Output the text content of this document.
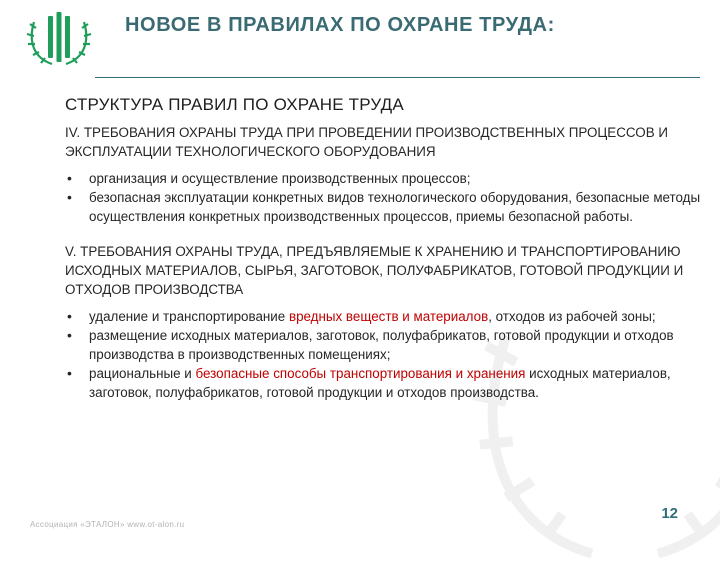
НОВОЕ В ПРАВИЛАХ ПО ОХРАНЕ ТРУДА:
СТРУКТУРА ПРАВИЛ ПО ОХРАНЕ ТРУДА
IV. ТРЕБОВАНИЯ ОХРАНЫ ТРУДА ПРИ ПРОВЕДЕНИИ ПРОИЗВОДСТВЕННЫХ ПРОЦЕССОВ И ЭКСПЛУАТАЦИИ ТЕХНОЛОГИЧЕСКОГО ОБОРУДОВАНИЯ
• организация и осуществление производственных процессов;
• безопасная эксплуатации конкретных видов технологического оборудования, безопасные методы осуществления конкретных производственных процессов, приемы безопасной работы.
V. ТРЕБОВАНИЯ ОХРАНЫ ТРУДА, ПРЕДЪЯВЛЯЕМЫЕ К ХРАНЕНИЮ И ТРАНСПОРТИРОВАНИЮ ИСХОДНЫХ МАТЕРИАЛОВ, СЫРЬЯ, ЗАГОТОВОК, ПОЛУФАБРИКАТОВ, ГОТОВОЙ ПРОДУКЦИИ И ОТХОДОВ ПРОИЗВОДСТВА
• удаление и транспортирование вредных веществ и материалов, отходов из рабочей зоны;
• размещение исходных материалов, заготовок, полуфабрикатов, готовой продукции и отходов производства в производственных помещениях;
• рациональные и безопасные способы транспортирования и хранения исходных материалов, заготовок, полуфабрикатов, готовой продукции и отходов производства.
Ассоциация «ЭТАЛОН» www.ot-alon.ru
12
